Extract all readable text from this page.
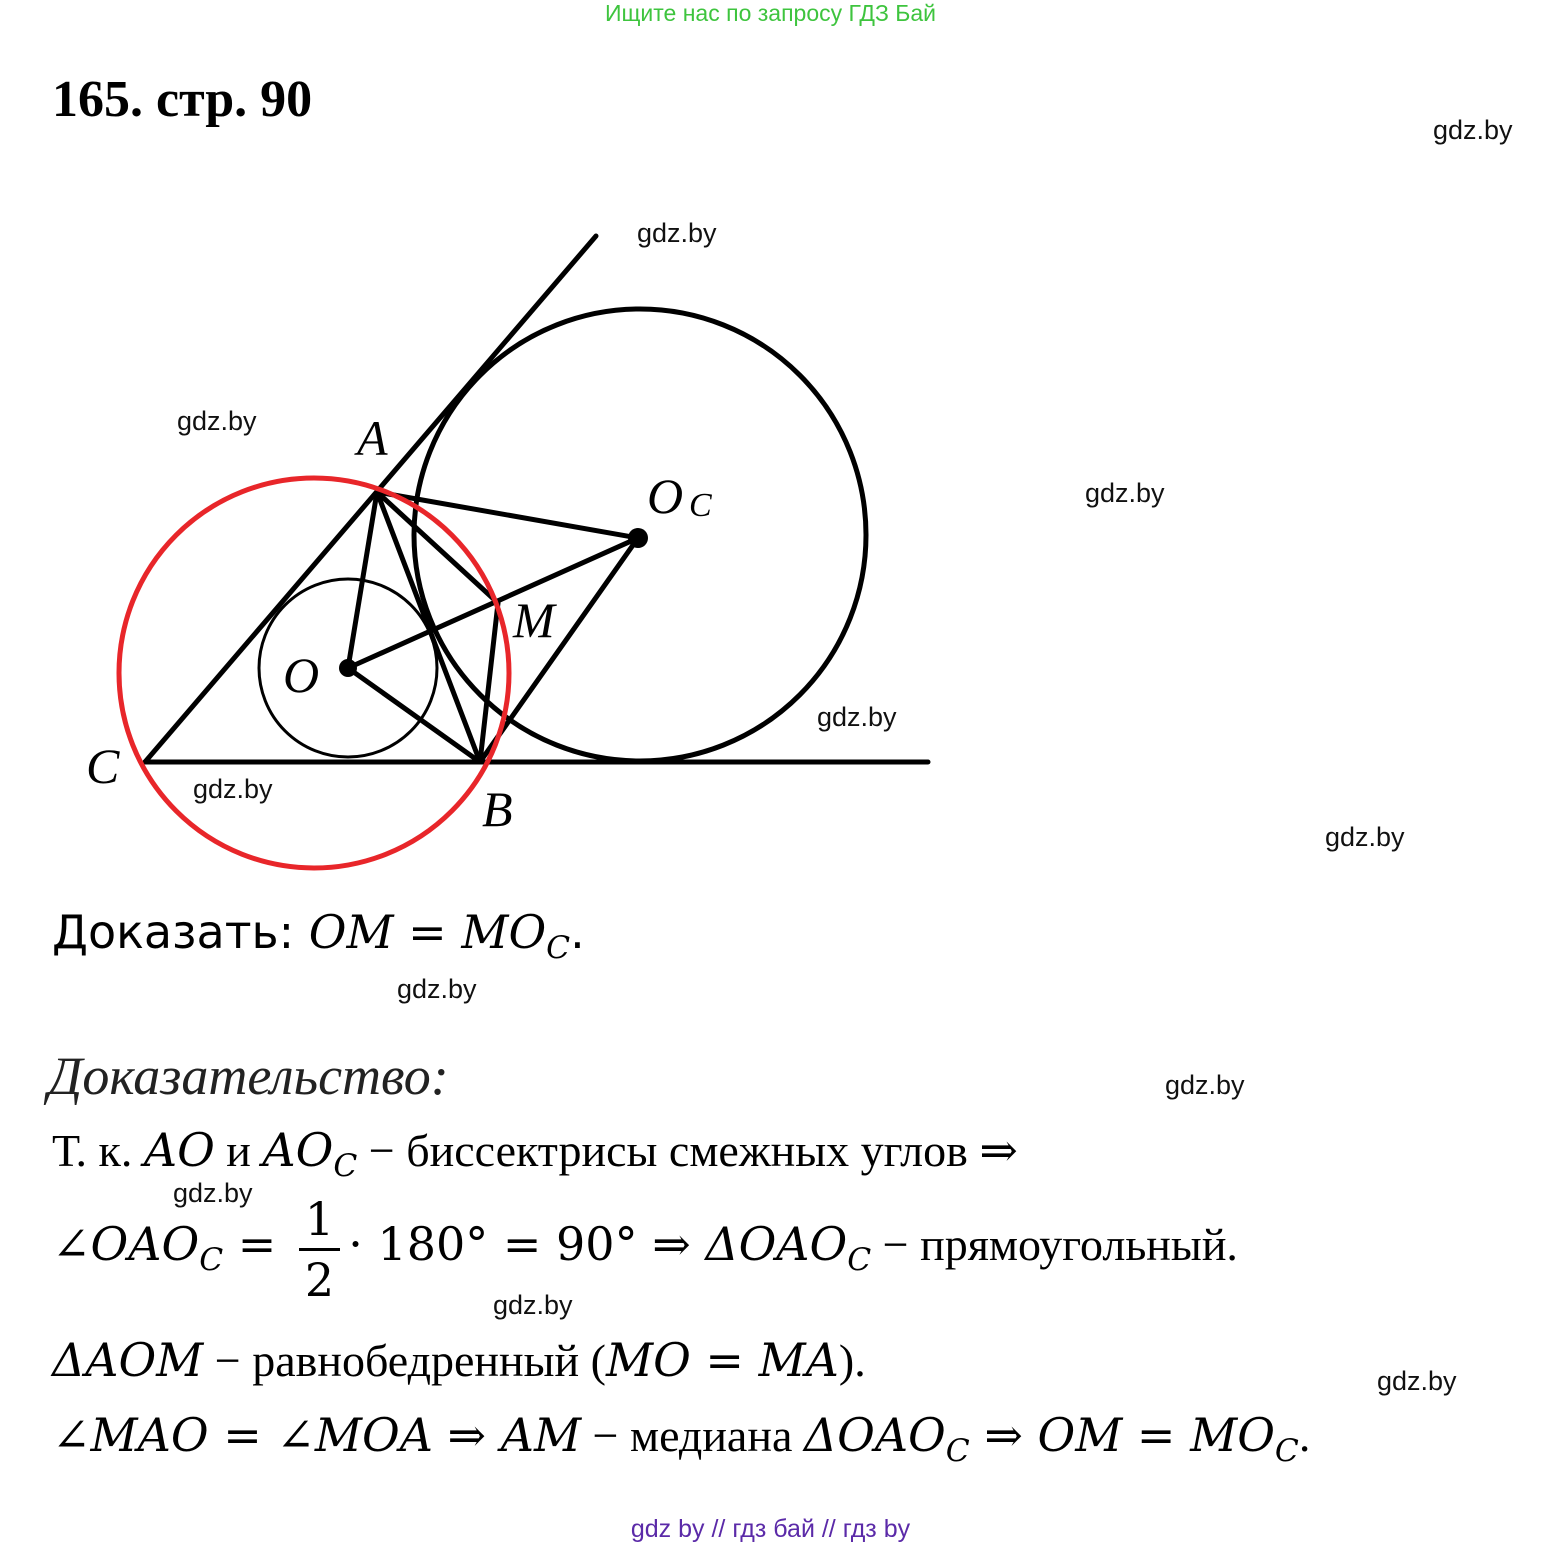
Ищите нас по запросу ГДЗ Бай
165. стр. 90
gdz.by
gdz.by
gdz.by
gdz.by
gdz.by
gdz.by
gdz.by
gdz.by
gdz.by
gdz.by
gdz.by
gdz.by
A
B
C
O
M
O C
Доказать: OM = $MO_C$.
Доказательство:
Т. к. AO и $AO_C$ − биссектрисы смежных углов ⇒
$\angle OAO_C = \frac{1}{2} \cdot 180^\circ = 90^\circ$ ⇒ $\Delta OAO_C$ − прямоугольный.
ΔAOM − равнобедренный (MO = MA).
∠MAO = ∠MOA ⇒ AM − медиана $\Delta OAO_C$ ⇒ OM = $MO_C$.
gdz by // гдз бай // гдз by
